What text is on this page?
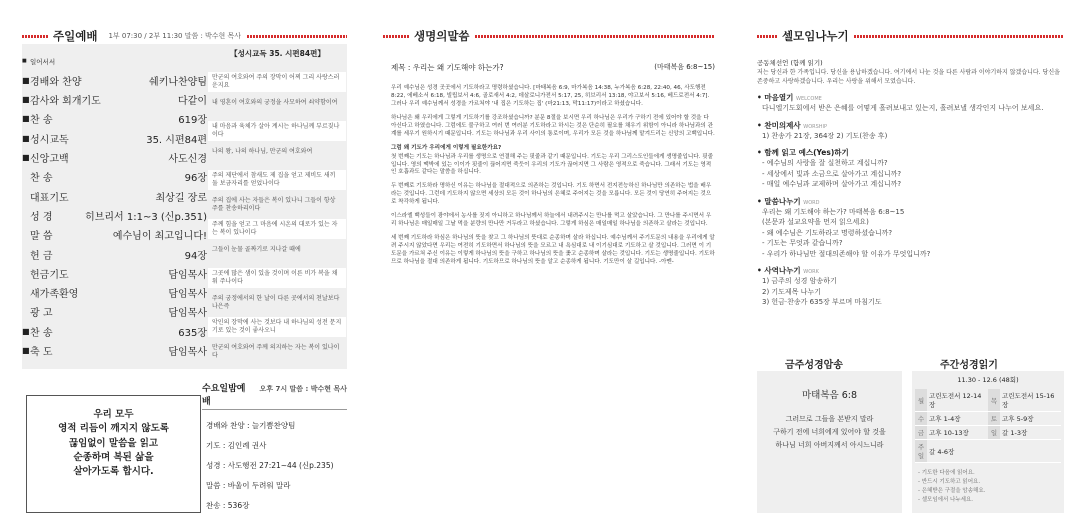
주일예배 1부 07:30 / 2부 11:30 말씀 : 박수현 목사
■ 일어서서
■ 경배와 찬양	쉐키나찬양팀
■ 감사와 회개기도	다같이
■ 찬 송	619장
■ 성시교독	35. 시편84편
■ 신앙고백	사도신경
찬 송	96장
대표기도	최상길 장로
성 경	히브리서 1:1~3 (신p.351)
말 씀	예수님이 최고입니다!
헌 금	94장
헌금기도	담임목사
새가족환영	담임목사
광 고	담임목사
■ 찬 송	635장
■ 축 도	담임목사
【성시교독 35. 시편84편】

만군의 여호와여 주의 장막이 어찌 그리 사랑스러운지요

내 영혼이 여호와의 궁정을 사모하여 쇠약함이여

내 마음과 육체가 살아 계시는 하나님께 부르짖나이다

나의 왕, 나의 하나님, 만군의 여호와여

주의 제단에서 참새도 제 집을 얻고 제비도 새끼 둘 보금자리를 얻었나이다

주의 집에 사는 자들은 복이 있나니 그들이 항상 주를 찬송하리이다

주께 힘을 얻고 그 마음에 시온의 대로가 있는 자는 복이 있나이다

그들이 눈물 골짜기로 지나갈 때에

그곳에 많은 샘이 있을 것이며 이른 비가 복을 채워 주나이다

주의 궁정에서의 한 날이 다른 곳에서의 천날보다 나은즉

악인의 장막에 사는 것보다 내 하나님의 성전 문지기로 있는 것이 좋사오니

만군의 여호와여 주께 의지하는 자는 복이 있나이다

우리 모두
영적 리듬이 깨지지 않도록
끊임없이 말씀을 읽고
순종하며 복된 삶을
살아가도록 합시다.
수요일밤예배
오후 7시 말씀 : 박수현 목사
경배와 찬양 : 늘기쁨찬양팀
기도 : 김인례 권사
성경 : 사도행전 27:21~44 (신p.235)
말씀 : 바울이 두려워 말라
찬송 : 536장
생명의말씀
제목 : 우리는 왜 기도해야 하는가?	(마태복음 6:8~15)

우리 예수님은 성경 곳곳에서 기도하라고 명령하셨습니다. [마태복음 6:9, 마가복음 14:38, 누가복음 6:28, 22:40, 46, 사도행전 8:22, 에베소서 6:18, 빌립보서 4:6, 골로새서 4:2, 데살로니가전서 5:17, 25, 히브리서 13:18, 야고보서 5:16, 베드로전서 4:7]. 그러나 우리 예수님께서 성경을 가르쳐야 '내 집은 기도하는 집' (마21:13, 막11:17)이라고 하셨습니다.

하나님은 왜 우리에게 그렇게 기도하기를 강조하셨습니까? 분문 8절을 보시면 우리 하나님은 우리가 구하기 전에 있어야 할 것을 다 아신다고 하였습니다. 그럼에도 불구하고 여러 번 여러분 기도하라고 하시는 것은 단순히 필요를 채우기 위함이 아니라 하나님과의 관계를 세우기 원하시기 때문입니다. 기도는 하나님과 우리 사이의 통로이며, 우리가 모든 것을 하나님께 맡겨드리는 신앙의 고백입니다.

그럼 왜 기도가 우리에게 이렇게 필요한가요?

첫 번째는 기도는 하나님과 우리를 생명으로 연결해 주는 핏줄과 같기 때문입니다. 기도는 우리 그리스도인들에게 생명줄입니다. 핏줄입니다. 영의 맥박에 있는 이이가 핏줄이 끊어지면 죽듯이 우리의 기도가 끊어지면 그 사람은 영적으로 죽습니다. 그래서 기도는 영적인 호흡과도 같다는 말씀을 하십니다.

두 번째로 기도하라 명하신 이유는 하나님을 절대적으로 의존하는 것입니다. 기도 하면서 전지전능하신 하나님만 의존하는 법을 배우라는 것입니다. 그런데 기도하지 않으면 세상의 모든 것이 하나님의 은혜로 주어지는 것을 모릅니다. 모든 것이 당연히 주어지는 것으로 착각하게 됩니다.

이스라엘 백성들이 광야에서 농사를 짓지 아니하고 하나님께서 하늘에서 내려주시는 만나를 먹고 살았습니다. 그 만나를 주시면서 우리 하나님은 매일매일 그날 먹을 분량의 만나만 거두라고 하셨습니다. 그렇게 하심은 매일매일 하나님을 의존하고 살라는 것입니다.

세 번째 기도하라 하심은 하나님의 뜻을 찾고 그 하나님의 뜻대로 순종하며 살라 하십니다. 예수님께서 주기도문의 내용을 우리에게 알려 주시지 않았다면 우리는 여전히 기도하면서 하나님의 뜻을 모르고 내 욕심대로 내 이기심대로 기도하고 살 것입니다. 그러면 이 기도문을 가르쳐 주신 이유는 이렇게 하나님의 뜻을 구하고 하나님의 뜻을 좇고 순종하며 살라는 것입니다. 기도는 생명줄입니다. 기도하므로 하나님을 절대 의존하게 됩니다. 기도하므로 하나님의 뜻을 알고 순종하게 됩니다. 기도만이 살 길입니다. -아멘-

셀모임나누기
공동체선언 (함께 읽기)
저는 당신과 한 가족입니다. 당신을 용납하겠습니다. 여기에서 나눈 것을 다른 사람과 이야기하지 않겠습니다. 당신을 존중하고 사랑하겠습니다. 우리는 사랑을 위해서 모였습니다.
• 마음열기 WELCOME
다니엘기도회에서 받은 은혜를 어떻게 흘려보내고 있는지, 흘려보낼 생각인지 나누어 보세요.
• 찬미의제사 WORSHIP
1) 찬송가 21장, 364장 2) 기도(찬송 후)
• 함께 읽고 예스(Yes)하기
- 예수님의 사랑을 잘 실천하고 계십니까?
- 세상에서 빛과 소금으로 살아가고 계십니까?
- 매일 예수님과 교제하며 살아가고 계십니까?
• 말씀나누기 WORD
우리는 왜 기도해야 하는가? 마태복음 6:8~15
(본문과 설교요약을 먼저 읽으세요)
- 왜 예수님은 기도하라고 명령하셨습니까?
- 기도는 무엇과 같습니까?
- 우리가 하나님만 절대의존해야 할 이유가 무엇입니까?
• 사역나누기 WORK
1) 금주의 성경 암송하기
2) 기도제목 나누기
3) 헌금·찬송가 635장 부르며 마침기도
금주성경암송
마태복음 6:8
그러므로 그들을 본받지 말라
구하기 전에 너희에게 있어야 할 것을
하나님 너희 아버지께서 아시느니라
주간성경읽기
11.30 - 12.6 (48회)
월	고린도전서 12-14장	목	고린도전서 15-16장
수	고후 1-4장	토	고후 5-9장
금	고후 10-13장	일	갈 1-3장
주일	갈 4-6장		
- 기도한 다음에 읽어요.
- 반드시 기도하고 읽어요.
- 은혜받은 구절을 암송해요.
- 셀모임에서 나누세요.
